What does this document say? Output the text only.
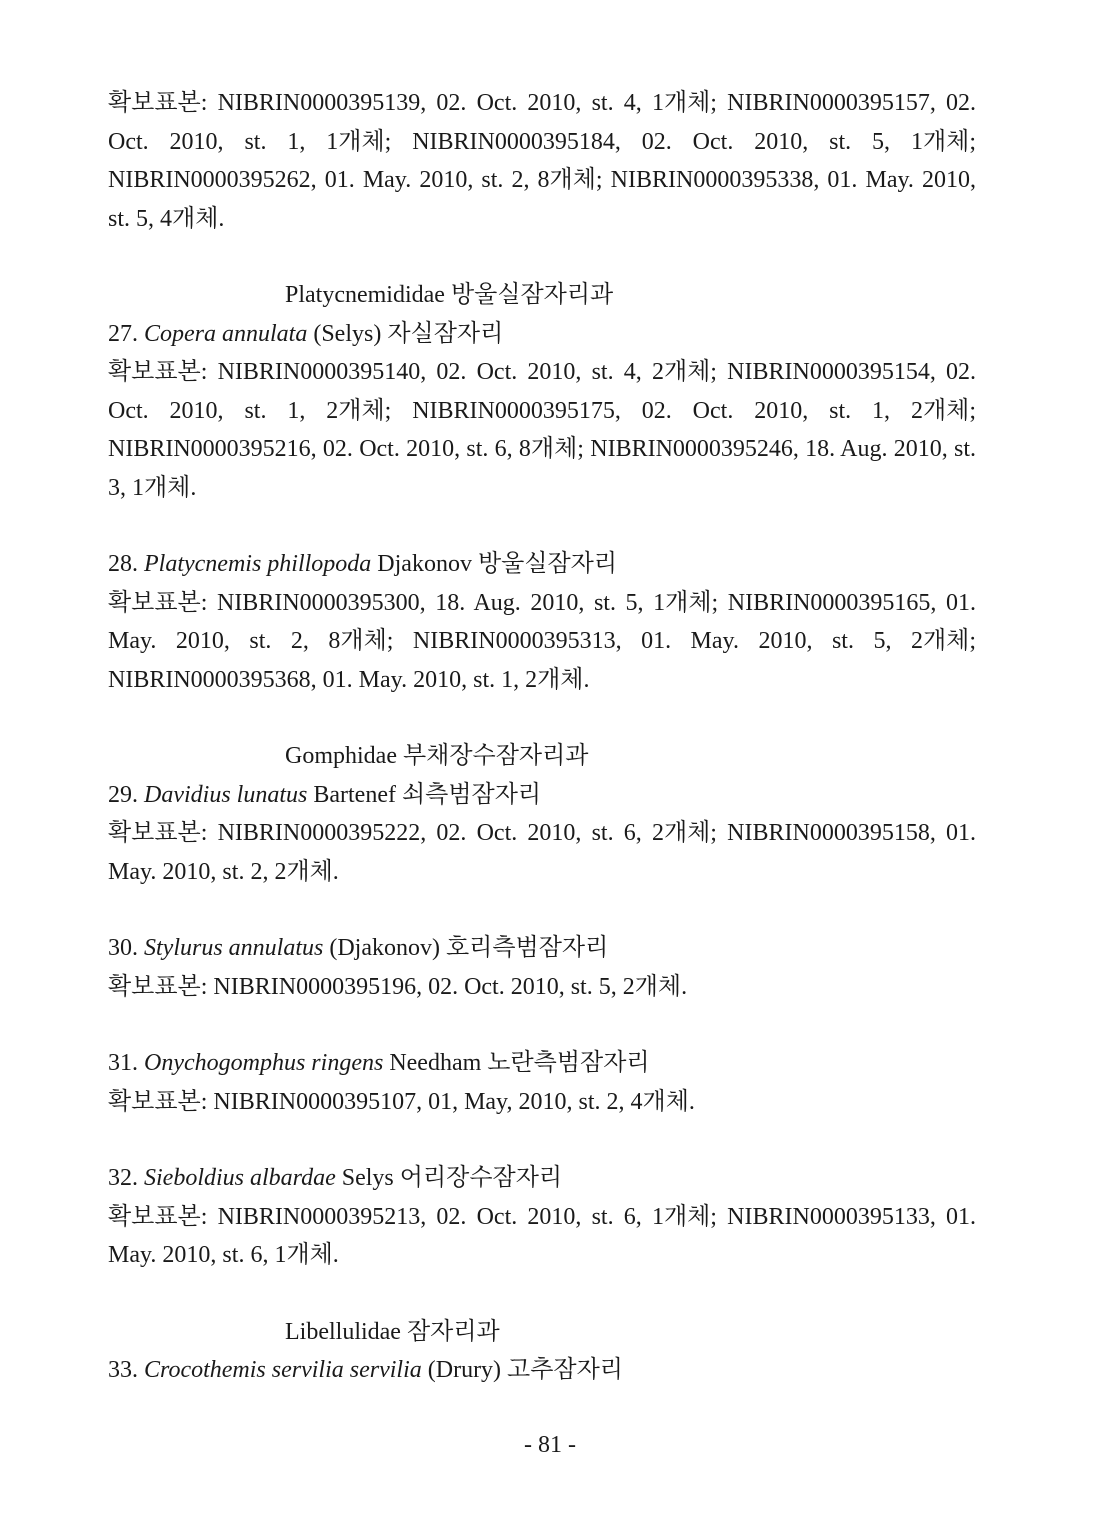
확보표본: NIBRIN0000395139, 02. Oct. 2010, st. 4, 1개체; NIBRIN0000395157, 02. Oct. 2010, st. 1, 1개체; NIBRIN0000395184, 02. Oct. 2010, st. 5, 1개체; NIBRIN0000395262, 01. May. 2010, st. 2, 8개체; NIBRIN0000395338, 01. May. 2010, st. 5, 4개체.

Platycnemididae 방울실잠자리과

27. Copera annulata (Selys) 자실잠자리

확보표본: NIBRIN0000395140, 02. Oct. 2010, st. 4, 2개체; NIBRIN0000395154, 02. Oct. 2010, st. 1, 2개체; NIBRIN0000395175, 02. Oct. 2010, st. 1, 2개체; NIBRIN0000395216, 02. Oct. 2010, st. 6, 8개체; NIBRIN0000395246, 18. Aug. 2010, st. 3, 1개체.

28. Platycnemis phillopoda Djakonov 방울실잠자리

확보표본: NIBRIN0000395300, 18. Aug. 2010, st. 5, 1개체; NIBRIN0000395165, 01. May. 2010, st. 2, 8개체; NIBRIN0000395313, 01. May. 2010, st. 5, 2개체; NIBRIN0000395368, 01. May. 2010, st. 1, 2개체.

Gomphidae 부채장수잠자리과

29. Davidius lunatus Bartenef 쇠측범잠자리

확보표본: NIBRIN0000395222, 02. Oct. 2010, st. 6, 2개체; NIBRIN0000395158, 01. May. 2010, st. 2, 2개체.

30. Stylurus annulatus (Djakonov) 호리측범잠자리

확보표본: NIBRIN0000395196, 02. Oct. 2010, st. 5, 2개체.

31. Onychogomphus ringens Needham 노란측범잠자리

확보표본: NIBRIN0000395107, 01, May, 2010, st. 2, 4개체.

32. Sieboldius albardae Selys 어리장수잠자리

확보표본: NIBRIN0000395213, 02. Oct. 2010, st. 6, 1개체; NIBRIN0000395133, 01. May. 2010, st. 6, 1개체.

Libellulidae 잠자리과

33. Crocothemis servilia servilia (Drury) 고추잠자리

- 81 -
